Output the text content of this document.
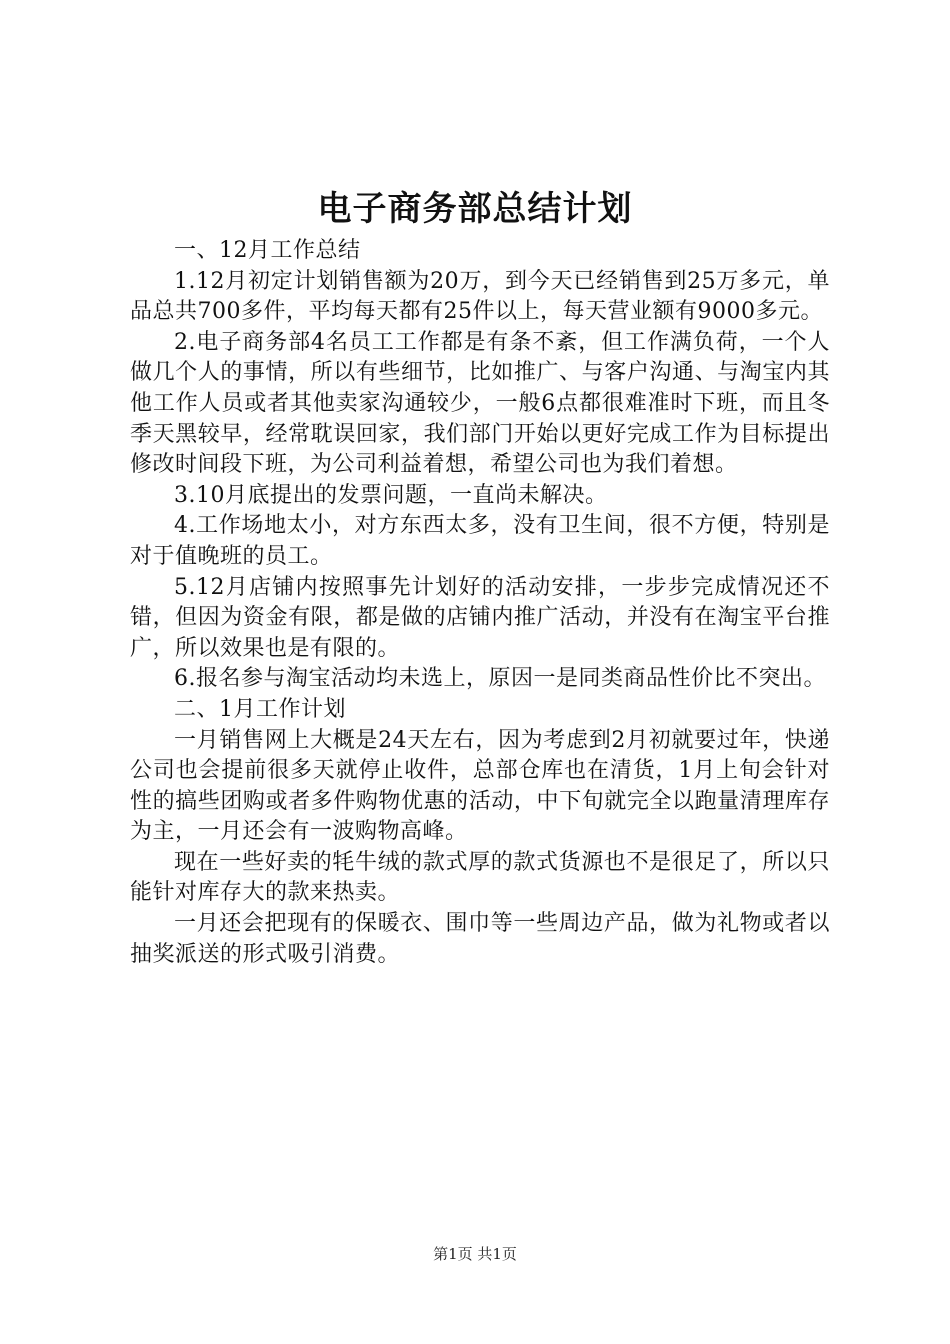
电子商务部总结计划

一、12月工作总结

1.12月初定计划销售额为20万，到今天已经销售到25万多元，单品总共700多件，平均每天都有25件以上，每天营业额有9000多元。

2.电子商务部4名员工工作都是有条不紊，但工作满负荷，一个人做几个人的事情，所以有些细节，比如推广、与客户沟通、与淘宝内其他工作人员或者其他卖家沟通较少，一般6点都很难准时下班，而且冬季天黑较早，经常耽误回家，我们部门开始以更好完成工作为目标提出修改时间段下班，为公司利益着想，希望公司也为我们着想。

3.10月底提出的发票问题，一直尚未解决。

4.工作场地太小，对方东西太多，没有卫生间，很不方便，特别是对于值晚班的员工。

5.12月店铺内按照事先计划好的活动安排，一步步完成情况还不错，但因为资金有限，都是做的店铺内推广活动，并没有在淘宝平台推广，所以效果也是有限的。

6.报名参与淘宝活动均未选上，原因一是同类商品性价比不突出。

二、1月工作计划

一月销售网上大概是24天左右，因为考虑到2月初就要过年，快递公司也会提前很多天就停止收件，总部仓库也在清货，1月上旬会针对性的搞些团购或者多件购物优惠的活动，中下旬就完全以跑量清理库存为主，一月还会有一波购物高峰。

现在一些好卖的牦牛绒的款式厚的款式货源也不是很足了，所以只能针对库存大的款来热卖。

一月还会把现有的保暖衣、围巾等一些周边产品，做为礼物或者以抽奖派送的形式吸引消费。

第1页 共1页
